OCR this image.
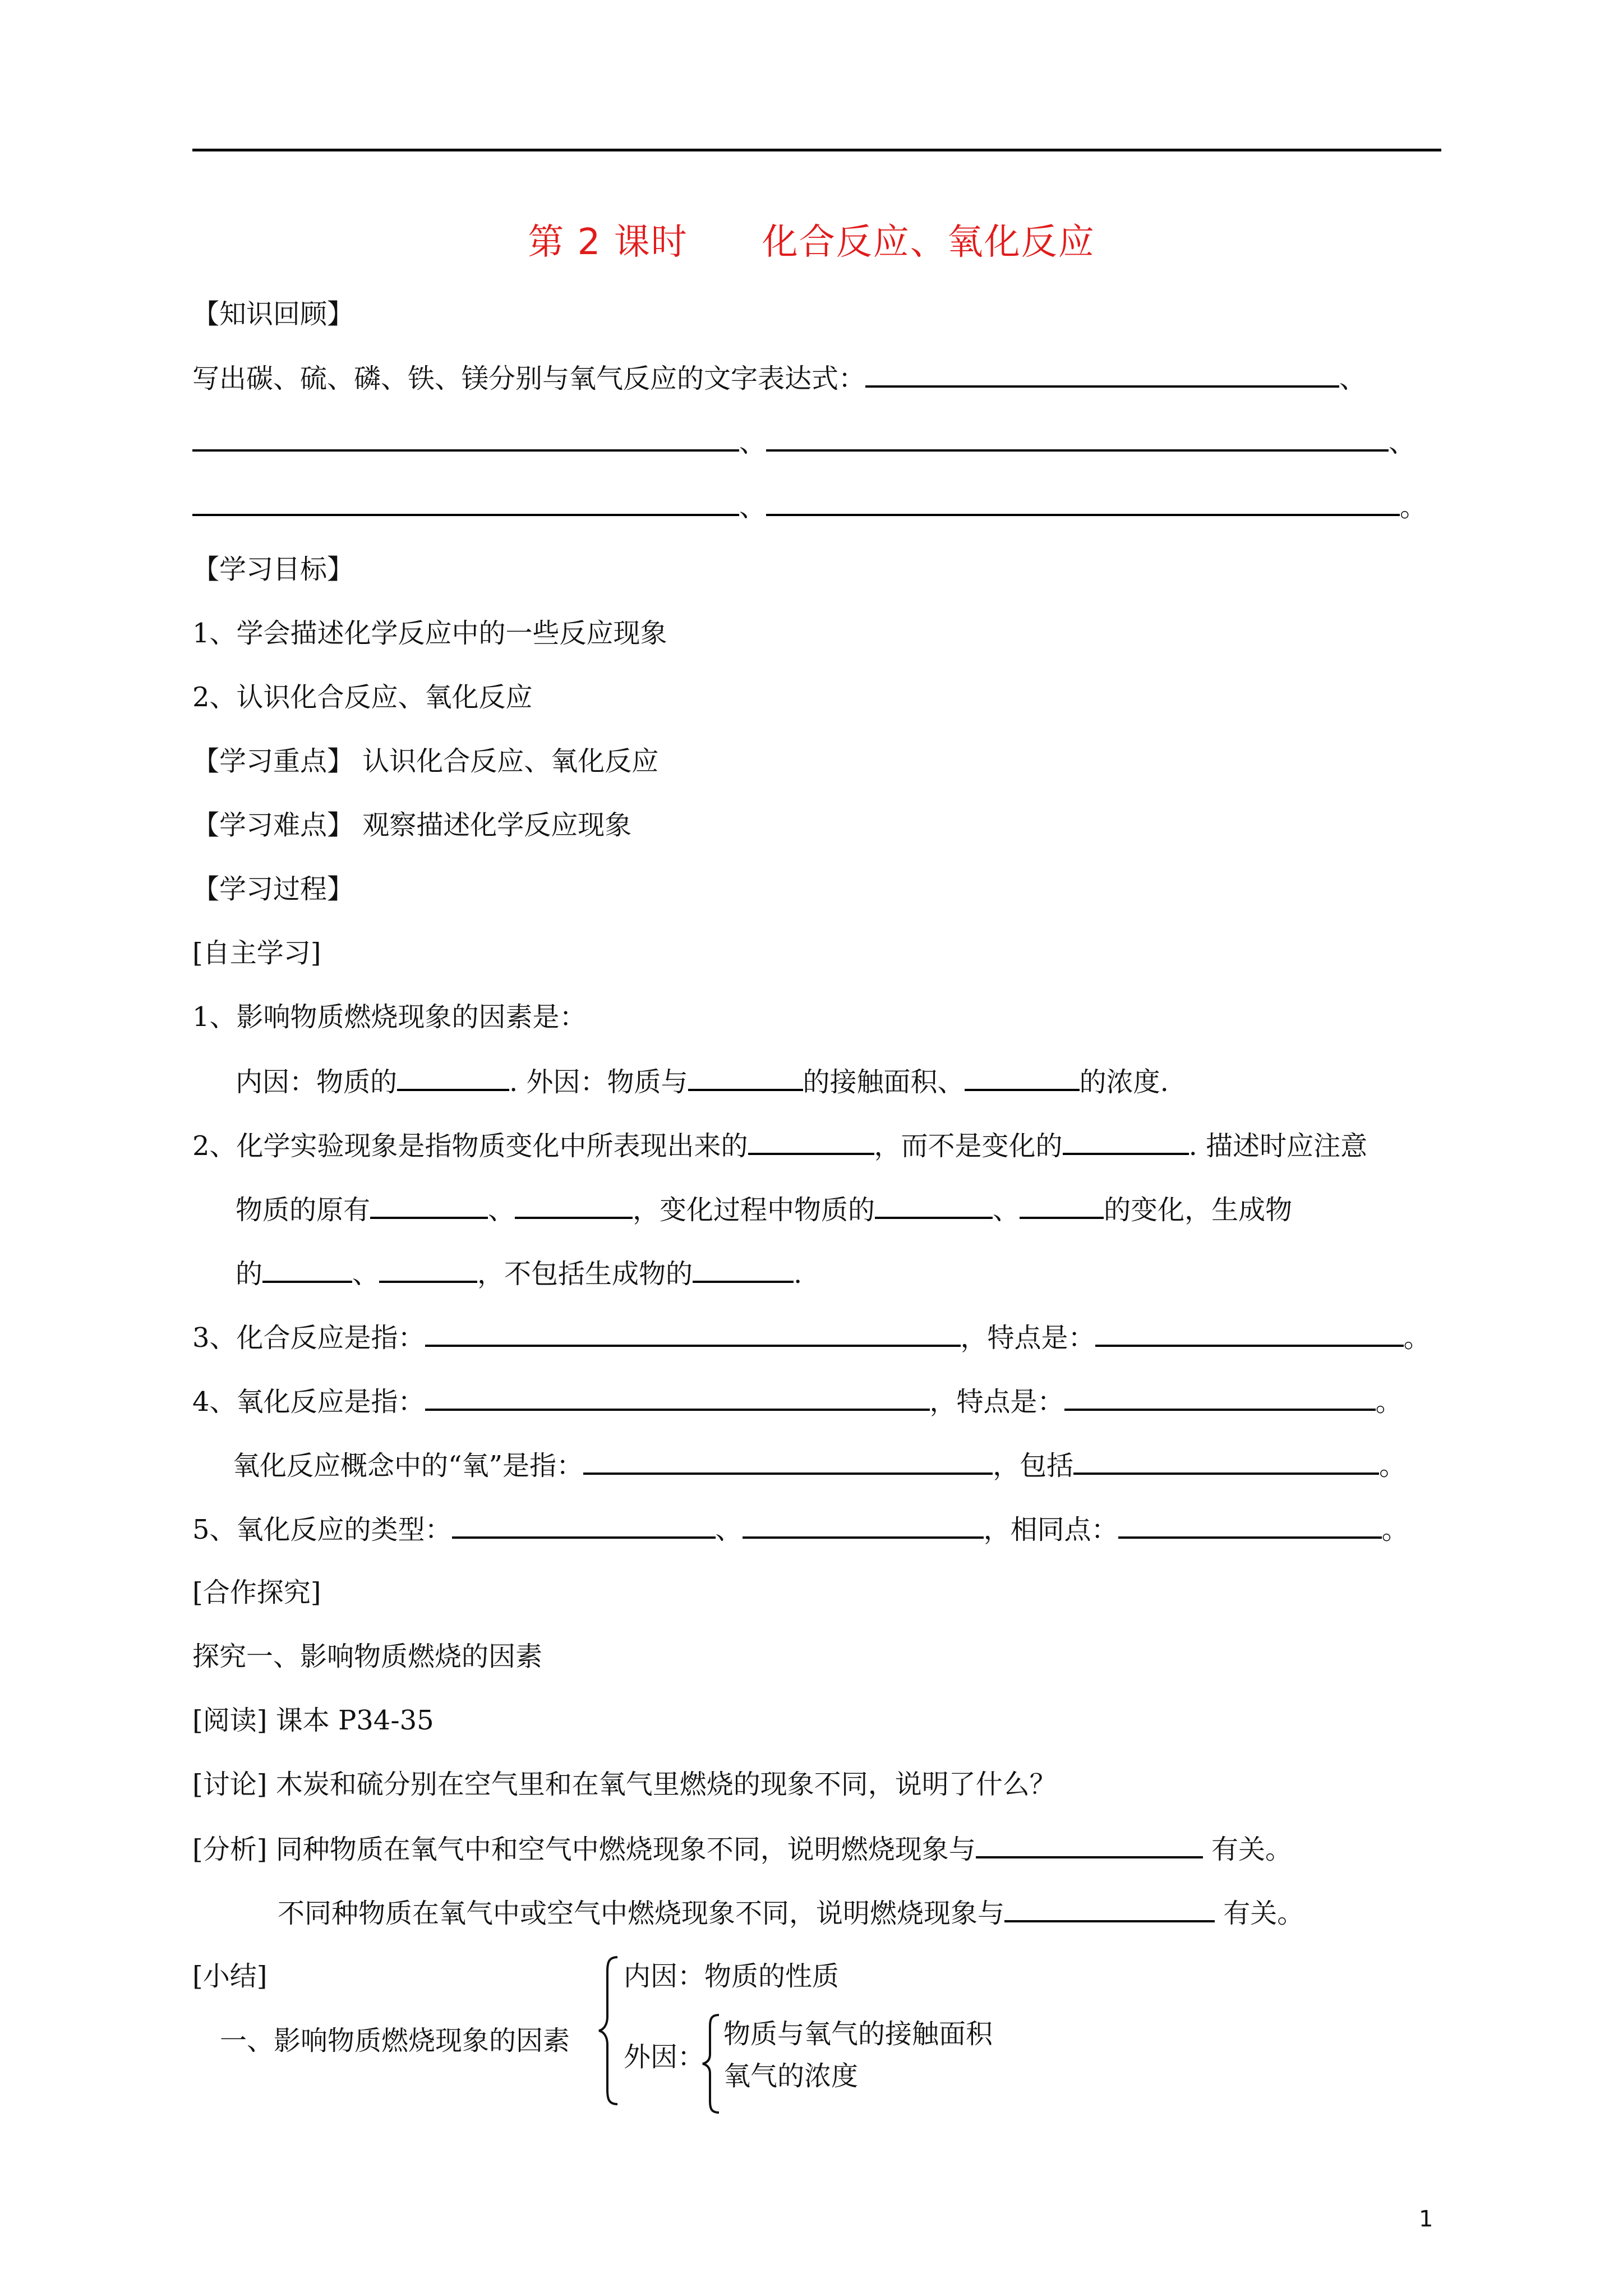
第 2 课时　　化合反应、氧化反应
【知识回顾】
写出碳、硫、磷、铁、镁分别与氧气反应的文字表达式：	、
、	、
、	。
【学习目标】
1、学会描述化学反应中的一些反应现象
2、认识化合反应、氧化反应
【学习重点】 认识化合反应、氧化反应
【学习难点】 观察描述化学反应现象
【学习过程】
[自主学习]
1、影响物质燃烧现象的因素是：
内因：物质的	. 外因：物质与	的接触面积、	的浓度.
2、化学实验现象是指物质变化中所表现出来的	，而不是变化的	. 描述时应注意
物质的原有	、	，变化过程中物质的	、	的变化，生成物
的	、	，不包括生成物的	.
3、化合反应是指：	，特点是：	。
4、氧化反应是指：	，特点是：	。
氧化反应概念中的“氧”是指：	，包括	。
5、氧化反应的类型：	、	，相同点：	。
[合作探究]
探究一、影响物质燃烧的因素
[阅读] 课本 P34-35
[讨论] 木炭和硫分别在空气里和在氧气里燃烧的现象不同，说明了什么？
[分析] 同种物质在氧气中和空气中燃烧现象不同，说明燃烧现象与	有关。
不同种物质在氧气中或空气中燃烧现象不同，说明燃烧现象与	有关。
[小结]
一、影响物质燃烧现象的因素
内因：物质的性质
外因：
物质与氧气的接触面积
氧气的浓度
1
